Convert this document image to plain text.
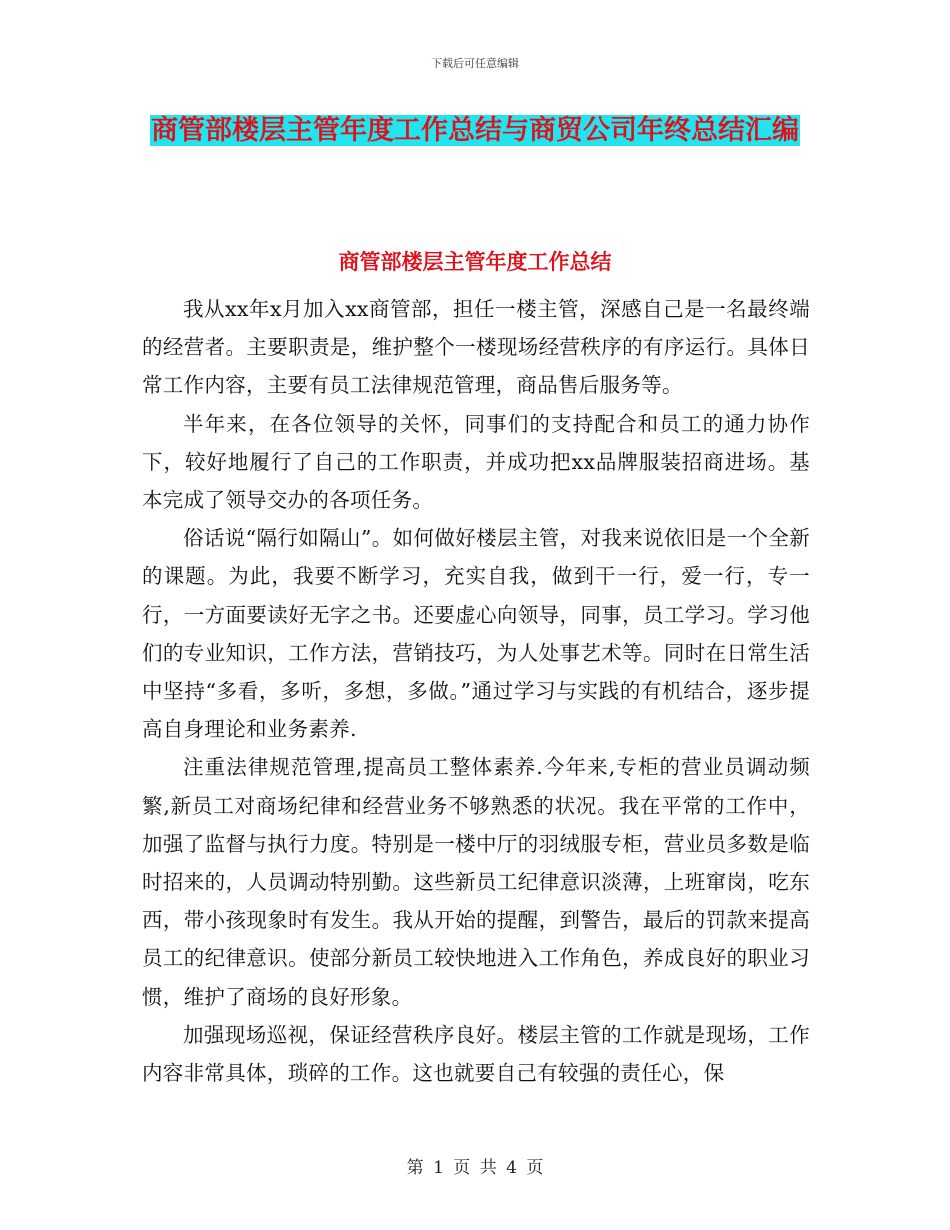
下载后可任意编辑
商管部楼层主管年度工作总结与商贸公司年终总结汇编
商管部楼层主管年度工作总结

我从xx年x月加入xx商管部，担任一楼主管，深感自己是一名最终端的经营者。主要职责是，维护整个一楼现场经营秩序的有序运行。具体日常工作内容，主要有员工法律规范管理，商品售后服务等。

半年来，在各位领导的关怀，同事们的支持配合和员工的通力协作下，较好地履行了自己的工作职责，并成功把xx品牌服装招商进场。基本完成了领导交办的各项任务。

俗话说“隔行如隔山”。如何做好楼层主管，对我来说依旧是一个全新的课题。为此，我要不断学习，充实自我，做到干一行，爱一行，专一行，一方面要读好无字之书。还要虚心向领导，同事，员工学习。学习他们的专业知识，工作方法，营销技巧，为人处事艺术等。同时在日常生活中坚持“多看，多听，多想，多做。”通过学习与实践的有机结合，逐步提高自身理论和业务素养.

注重法律规范管理,提高员工整体素养.今年来,专柜的营业员调动频繁,新员工对商场纪律和经营业务不够熟悉的状况。我在平常的工作中，加强了监督与执行力度。特别是一楼中厅的羽绒服专柜，营业员多数是临时招来的，人员调动特别勤。这些新员工纪律意识淡薄，上班窜岗，吃东西，带小孩现象时有发生。我从开始的提醒，到警告，最后的罚款来提高员工的纪律意识。使部分新员工较快地进入工作角色，养成良好的职业习惯，维护了商场的良好形象。

加强现场巡视，保证经营秩序良好。楼层主管的工作就是现场，工作内容非常具体，琐碎的工作。这也就要自己有较强的责任心，保

第 1 页 共 4 页
